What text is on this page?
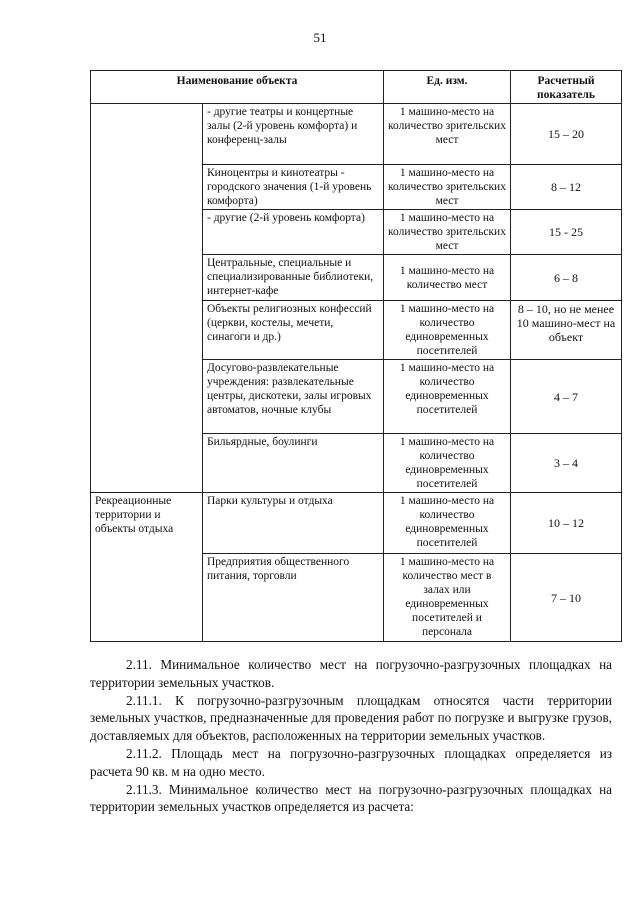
51
Наименование объекта		Ед. изм.	Расчетный показатель
	- другие театры и концертные залы (2-й уровень комфорта) и конференц-залы	1 машино-место на количество зрительских мест	15 – 20
	Киноцентры и кинотеатры - городского значения (1-й уровень комфорта)	1 машино-место на количество зрительских мест	8 – 12
	- другие (2-й уровень комфорта)	1 машино-место на количество зрительских мест	15 - 25
	Центральные, специальные и специализированные библиотеки, интернет-кафе	1 машино-место на количество мест	6 – 8
	Объекты религиозных конфессий (церкви, костелы, мечети, синагоги и др.)	1 машино-место на количество единовременных посетителей	8 – 10, но не менее 10 машино-мест на объект
	Досугово-развлекательные учреждения: развлекательные центры, дискотеки, залы игровых автоматов, ночные клубы	1 машино-место на количество единовременных посетителей	4 – 7
	Бильярдные, боулинги	1 машино-место на количество единовременных посетителей	3 – 4
Рекреационные территории и объекты отдыха	Парки культуры и отдыха	1 машино-место на количество единовременных посетителей	10 – 12
	Предприятия общественного питания, торговли	1 машино-место на количество мест в залах или единовременных посетителей и персонала	7 – 10

2.11. Минимальное количество мест на погрузочно-разгрузочных площадках на территории земельных участков.

2.11.1. К погрузочно-разгрузочным площадкам относятся части территории земельных участков, предназначенные для проведения работ по погрузке и выгрузке грузов, доставляемых для объектов, расположенных на территории земельных участков.

2.11.2. Площадь мест на погрузочно-разгрузочных площадках определяется из расчета 90 кв. м на одно место.

2.11.3. Минимальное количество мест на погрузочно-разгрузочных площадках на территории земельных участков определяется из расчета:
